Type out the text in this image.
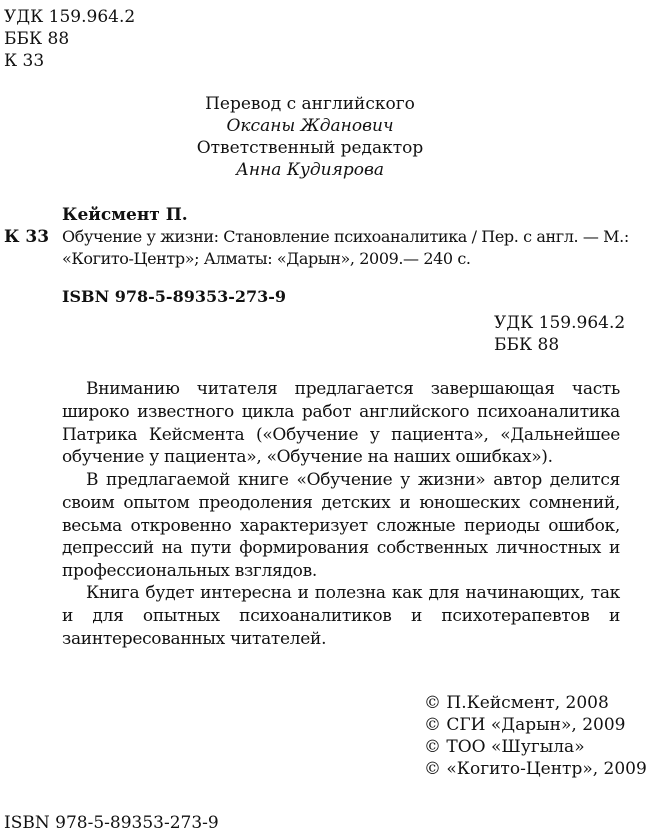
УДК 159.964.2
ББК 88
К 33
Перевод с английского
Оксаны Жданович
Ответственный редактор
Анна Кудиярова
Кейсмент П.
К 33 Обучение у жизни: Становление психоаналитика / Пер. с англ. — М.:
«Когито-Центр»; Алматы: «Дарын», 2009.— 240 с.
ISBN 978-5-89353-273-9
УДК 159.964.2
ББК 88
Вниманию читателя предлагается завершающая часть широко известного цикла работ английского психоаналитика Патрика Кейсмента («Обучение у пациента», «Дальнейшее обучение у пациента», «Обучение на наших ошибках»).
В предлагаемой книге «Обучение у жизни» автор делится своим опытом преодоления детских и юношеских сомнений, весьма откровенно характеризует сложные периоды ошибок, депрессий на пути формирования собственных личностных и профессиональных взглядов.
Книга будет интересна и полезна как для начинающих, так и для опытных психоаналитиков и психотерапевтов и заинтересованных читателей.
© П.Кейсмент, 2008
© СГИ «Дарын», 2009
© ТОО «Шугыла»
© «Когито-Центр», 2009
ISBN 978-5-89353-273-9
